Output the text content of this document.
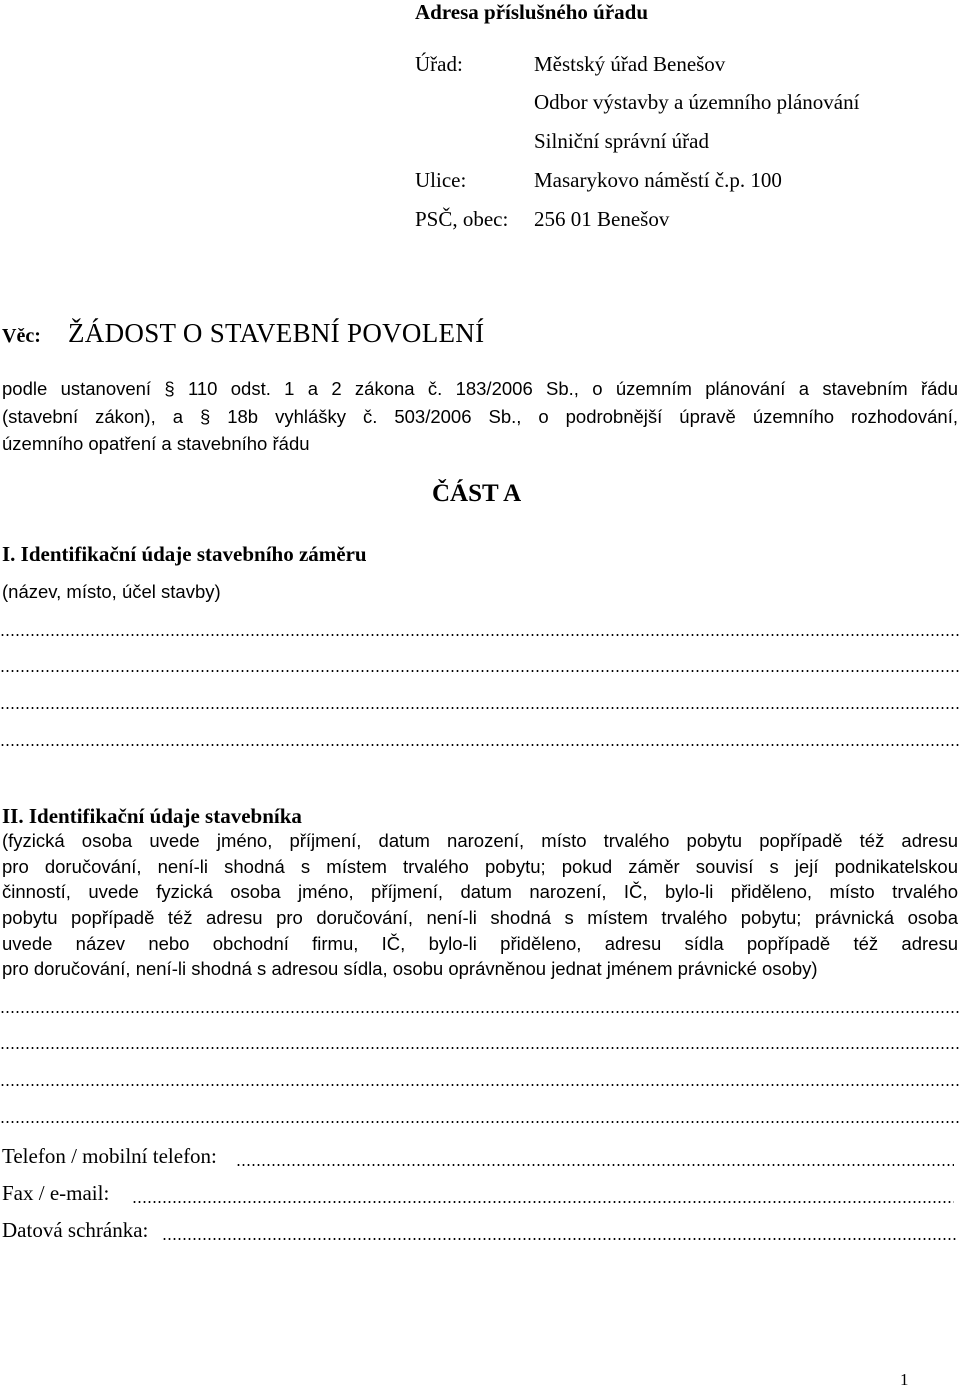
Adresa příslušného úřadu
Úřad:	Městský úřad Benešov
Odbor výstavby a územního plánování
Silniční správní úřad
Ulice:	Masarykovo náměstí č.p. 100
PSČ, obec: 256 01 Benešov
Věc: ŽÁDOST O STAVEBNÍ POVOLENÍ
podle ustanovení § 110 odst. 1 a 2 zákona č. 183/2006 Sb., o územním plánování a stavebním řádu
(stavební zákon), a § 18b vyhlášky č. 503/2006 Sb., o podrobnější úpravě územního rozhodování,
územního opatření a stavebního řádu
ČÁST A
I. Identifikační údaje stavebního záměru
(název, místo, účel stavby)
II. Identifikační údaje stavebníka
(fyzická osoba uvede jméno, příjmení, datum narození, místo trvalého pobytu popřípadě též adresu
pro doručování, není-li shodná s místem trvalého pobytu; pokud záměr souvisí s její podnikatelskou
činností, uvede fyzická osoba jméno, příjmení, datum narození, IČ, bylo-li přiděleno, místo trvalého
pobytu popřípadě též adresu pro doručování, není-li shodná s místem trvalého pobytu; právnická osoba
uvede název nebo obchodní firmu, IČ, bylo-li přiděleno, adresu sídla popřípadě též adresu
pro doručování, není-li shodná s adresou sídla, osobu oprávněnou jednat jménem právnické osoby)
Telefon / mobilní telefon:
Fax / e-mail:
Datová schránka:
1
